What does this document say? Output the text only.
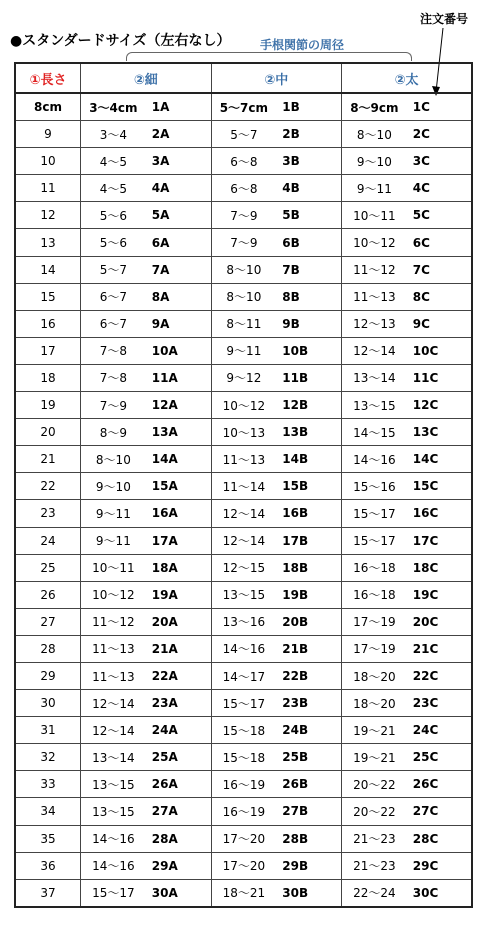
●スタンダードサイズ（左右なし） 手根関節の周径
注文番号
①長さ	②細		②中		②太	
8cm	3～4cm	1A	5～7cm	1B	8～9cm	1C
9	3～4	2A	5～7	2B	8～10	2C
10	4～5	3A	6～8	3B	9～10	3C
11	4～5	4A	6～8	4B	9～11	4C
12	5～6	5A	7～9	5B	10～11	5C
13	5～6	6A	7～9	6B	10～12	6C
14	5～7	7A	8～10	7B	11～12	7C
15	6～7	8A	8～10	8B	11～13	8C
16	6～7	9A	8～11	9B	12～13	9C
17	7～8	10A	9～11	10B	12～14	10C
18	7～8	11A	9～12	11B	13～14	11C
19	7～9	12A	10～12	12B	13～15	12C
20	8～9	13A	10～13	13B	14～15	13C
21	8～10	14A	11～13	14B	14～16	14C
22	9～10	15A	11～14	15B	15～16	15C
23	9～11	16A	12～14	16B	15～17	16C
24	9～11	17A	12～14	17B	15～17	17C
25	10～11	18A	12～15	18B	16～18	18C
26	10～12	19A	13～15	19B	16～18	19C
27	11～12	20A	13～16	20B	17～19	20C
28	11～13	21A	14～16	21B	17～19	21C
29	11～13	22A	14～17	22B	18～20	22C
30	12～14	23A	15～17	23B	18～20	23C
31	12～14	24A	15～18	24B	19～21	24C
32	13～14	25A	15～18	25B	19～21	25C
33	13～15	26A	16～19	26B	20～22	26C
34	13～15	27A	16～19	27B	20～22	27C
35	14～16	28A	17～20	28B	21～23	28C
36	14～16	29A	17～20	29B	21～23	29C
37	15～17	30A	18～21	30B	22～24	30C
